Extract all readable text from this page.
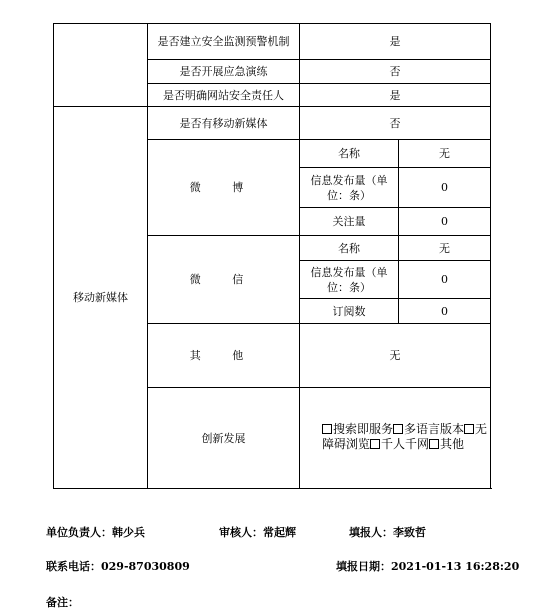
	是否建立安全监测预警机制	是	
	是否开展应急演练	否	
	是否明确网站安全责任人	是	
移动新媒体	是否有移动新媒体	否	
	微 博	名称	无
		信息发布量（单位：条）	0
		关注量	0
	微 信	名称	无
		信息发布量（单位：条）	0
		订阅数	0
	其 他	无	
	创新发展	搜索即服务 多语言版本 无障碍浏览 千人千网 其他	
单位负责人：韩少兵	审核人：常起辉	填报人：李致哲
联系电话：029-87030809	填报日期：2021-01-13 16:28:20
备注：
